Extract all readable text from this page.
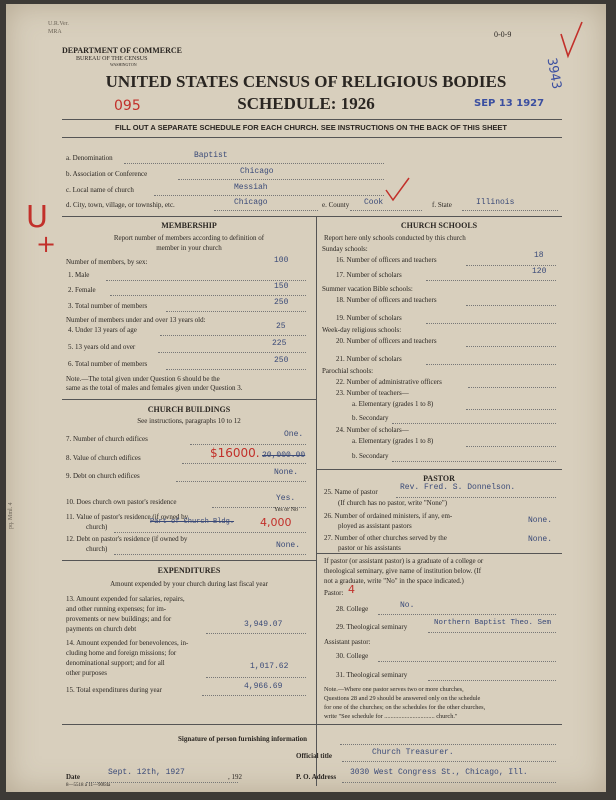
U.R.Ver.
MRA	0-0-9
DEPARTMENT OF COMMERCE
BUREAU OF THE CENSUS
WASHINGTON
UNITED STATES CENSUS OF RELIGIOUS BODIES
SCHEDULE: 1926
3943
095	SEP 13 1927
FILL OUT A SEPARATE SCHEDULE FOR EACH CHURCH. SEE INSTRUCTIONS ON THE BACK OF THIS SHEET
a. Denomination	Baptist
b. Association or Conference	Chicago
c. Local name of church	Messiah
d. City, town, village, or township, etc.	Chicago	e. County Cook	f. State	Illinois
U
+
pq. Mml. 4
MEMBERSHIP
Report number of members according to definition of
member in your church
Number of members, by sex:	100
1. Male
2. Female	150
3. Total number of members	250
Number of members under and over 13 years old:
4. Under 13 years of age	25
5. 13 years old and over	225
6. Total number of members	250
Note.—The total given under Question 6 should be the
same as the total of males and females given under Question 3.
CHURCH BUILDINGS
See instructions, paragraphs 10 to 12
7. Number of church edifices	One.
8. Value of church edifices	$16000. 20,000.00
9. Debt on church edifices	None.
10. Does church own pastor's residence	Yes.
Yes or No
11. Value of pastor's residence (if owned by
church)
Part of Church Bldg. 4,000
12. Debt on pastor's residence (if owned by
church)	None.
EXPENDITURES
Amount expended by your church during last fiscal year
13. Amount expended for salaries, repairs,
and other running expenses; for im-
provements or new buildings; and for
payments on church debt	3,949.07
14. Amount expended for benevolences, in-
cluding home and foreign missions; for
denominational support; and for all
other purposes
1,017.62
15. Total expenditures during year	4,966.69
CHURCH SCHOOLS
Report here only schools conducted by this church
Sunday schools:
16. Number of officers and teachers	18
17. Number of scholars	120
Summer vacation Bible schools:
18. Number of officers and teachers
19. Number of scholars
Week-day religious schools:
20. Number of officers and teachers
21. Number of scholars
Parochial schools:
22. Number of administrative officers
23. Number of teachers—
a. Elementary (grades 1 to 8)
b. Secondary
24. Number of scholars—
a. Elementary (grades 1 to 8)
b. Secondary
PASTOR
25. Name of pastor	Rev. Fred. S. Donnelson.
(If church has no pastor, write "None")
26. Number of ordained ministers, if any, em-
ployed as assistant pastors
None.
27. Number of other churches served by the
pastor or his assistants
None.
If pastor (or assistant pastor) is a graduate of a college or
theological seminary, give name of institution below. (If
not a graduate, write "No" in the space indicated.)
Pastor: 4
28. College	No.
29. Theological seminary	Northern Baptist Theo. Sem
Assistant pastor:
30. College
31. Theological seminary
Note.—Where one pastor serves two or more churches,
Questions 28 and 29 should be answered only on the schedule
for one of the churches; on the schedules for the other churches,
write "See schedule for ................................ church."
Signature of person furnishing information
Official title	Church Treasurer.
Date	Sept. 12th, 1927	, 192	P. O. Address 3030 West Congress St., Chicago, Ill.
8—5518 a 11—9064a
